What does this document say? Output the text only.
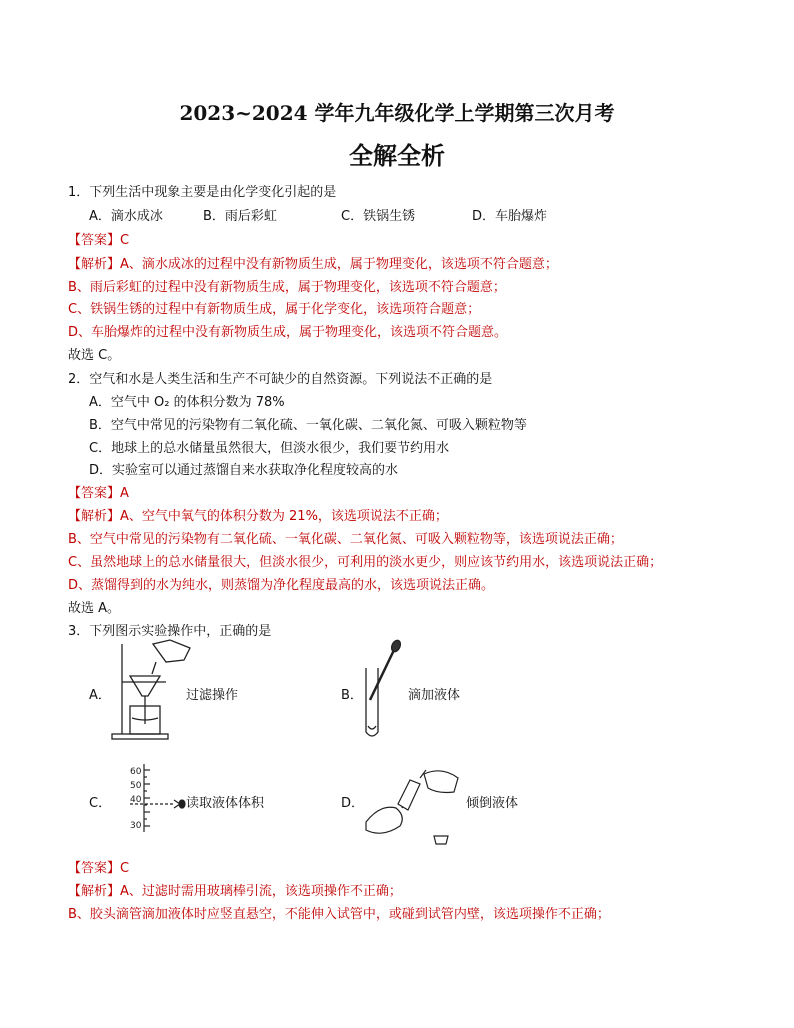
2023~2024 学年九年级化学上学期第三次月考
全解全析
1．下列生活中现象主要是由化学变化引起的是
A．滴水成冰	B．雨后彩虹	C．铁锅生锈	D．车胎爆炸
【答案】C
【解析】A、滴水成冰的过程中没有新物质生成，属于物理变化，该选项不符合题意；
B、雨后彩虹的过程中没有新物质生成，属于物理变化，该选项不符合题意；
C、铁锅生锈的过程中有新物质生成，属于化学变化，该选项符合题意；
D、车胎爆炸的过程中没有新物质生成，属于物理变化，该选项不符合题意。
故选 C。
2．空气和水是人类生活和生产不可缺少的自然资源。下列说法不正确的是
A．空气中 O₂ 的体积分数为 78%
B．空气中常见的污染物有二氧化硫、一氧化碳、二氧化氮、可吸入颗粒物等
C．地球上的总水储量虽然很大，但淡水很少，我们要节约用水
D．实验室可以通过蒸馏自来水获取净化程度较高的水
【答案】A
【解析】A、空气中氧气的体积分数为 21%，该选项说法不正确；
B、空气中常见的污染物有二氧化硫、一氧化碳、二氧化氮、可吸入颗粒物等，该选项说法正确；
C、虽然地球上的总水储量很大，但淡水很少，可利用的淡水更少，则应该节约用水，该选项说法正确；
D、蒸馏得到的水为纯水，则蒸馏为净化程度最高的水，该选项说法正确。
故选 A。
3．下列图示实验操作中，正确的是
A．	过滤操作	B．	滴加液体
C．
60
50
40
30
读取液体体积	D．	倾倒液体
【答案】C
【解析】A、过滤时需用玻璃棒引流，该选项操作不正确；
B、胶头滴管滴加液体时应竖直悬空，不能伸入试管中，或碰到试管内壁，该选项操作不正确；
